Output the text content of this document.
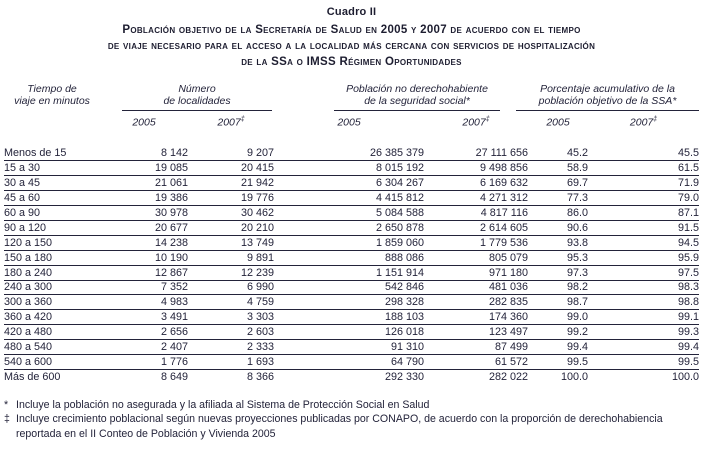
Cuadro II
Población objetivo de la Secretaría de Salud en 2005 y 2007 de acuerdo con el tiempo
de viaje necesario para el acceso a la localidad más cercana con servicios de hospitalización
de la SSa o IMSS Régimen Oportunidades
Tiempo de
viaje en minutos

Número
de localidades

Población no derechohabiente
de la seguridad social*

Porcentaje acumulativo de la
población objetivo de la SSA*

	2005	2007‡	2005	2007‡	2005	2007‡
Menos de 15	8 142	9 207	26 385 379	27 111 656	45.2	45.5
15 a 30	19 085	20 415	8 015 192	9 498 856	58.9	61.5
30 a 45	21 061	21 942	6 304 267	6 169 632	69.7	71.9
45 a 60	19 386	19 776	4 415 812	4 271 312	77.3	79.0
60 a 90	30 978	30 462	5 084 588	4 817 116	86.0	87.1
90 a 120	20 677	20 210	2 650 878	2 614 605	90.6	91.5
120 a 150	14 238	13 749	1 859 060	1 779 536	93.8	94.5
150 a 180	10 190	9 891	888 086	805 079	95.3	95.9
180 a 240	12 867	12 239	1 151 914	971 180	97.3	97.5
240 a 300	7 352	6 990	542 846	481 036	98.2	98.3
300 a 360	4 983	4 759	298 328	282 835	98.7	98.8
360 a 420	3 491	3 303	188 103	174 360	99.0	99.1
420 a 480	2 656	2 603	126 018	123 497	99.2	99.3
480 a 540	2 407	2 333	91 310	87 499	99.4	99.4
540 a 600	1 776	1 693	64 790	61 572	99.5	99.5
Más de 600	8 649	8 366	292 330	282 022	100.0	100.0
* Incluye la población no asegurada y la afiliada al Sistema de Protección Social en Salud
‡ Incluye crecimiento poblacional según nuevas proyecciones publicadas por CONAPO, de acuerdo con la proporción de derechohabiencia reportada en el II Conteo de Población y Vivienda 2005
